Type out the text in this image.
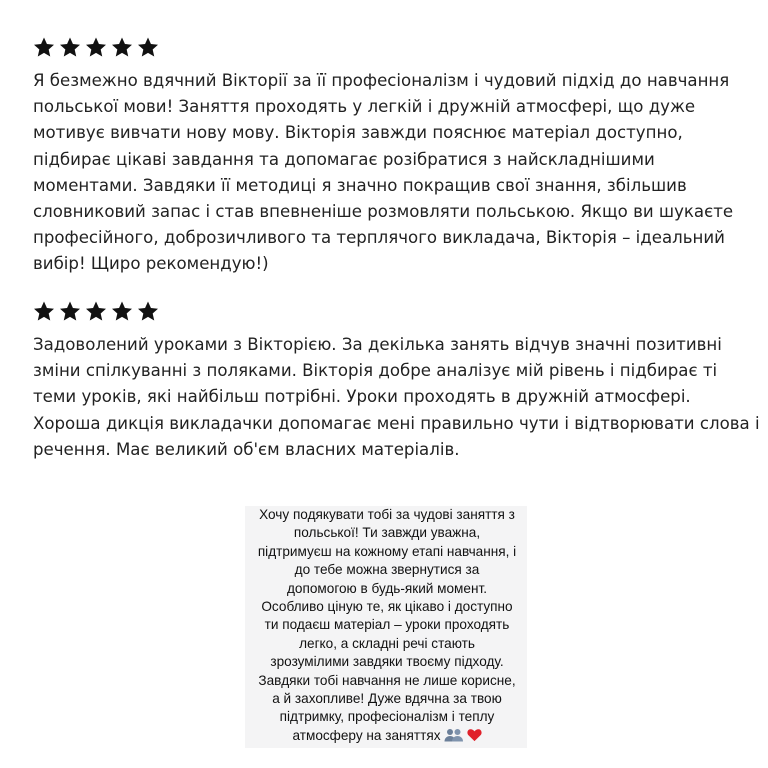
Я безмежно вдячний Вікторії за її професіоналізм і чудовий підхід до навчання польської мови! Заняття проходять у легкій і дружній атмосфері, що дуже мотивує вивчати нову мову. Вікторія завжди пояснює матеріал доступно, підбирає цікаві завдання та допомагає розібратися з найскладнішими моментами. Завдяки її методиці я значно покращив свої знання, збільшив словниковий запас і став впевненіше розмовляти польською. Якщо ви шукаєте професійного, доброзичливого та терплячого викладача, Вікторія – ідеальний вибір! Щиро рекомендую!)

Задоволений уроками з Вікторією. За декілька занять відчув значні позитивні зміни спілкуванні з поляками. Вікторія добре аналізує мій рівень і підбирає ті теми уроків, які найбільш потрібні. Уроки проходять в дружній атмосфері. Хороша дикція викладачки допомагає мені правильно чути і відтворювати слова і речення. Має великий об'єм власних матеріалів.

Хочу подякувати тобі за чудові заняття з
польської! Ти завжди уважна,
підтримуєш на кожному етапі навчання, і
до тебе можна звернутися за
допомогою в будь-який момент.
Особливо ціную те, як цікаво і доступно
ти подаєш матеріал – уроки проходять
легко, а складні речі стають
зрозумілими завдяки твоєму підходу.
Завдяки тобі навчання не лише корисне,
а й захопливе! Дуже вдячна за твою
підтримку, професіоналізм і теплу
атмосферу на заняттях
